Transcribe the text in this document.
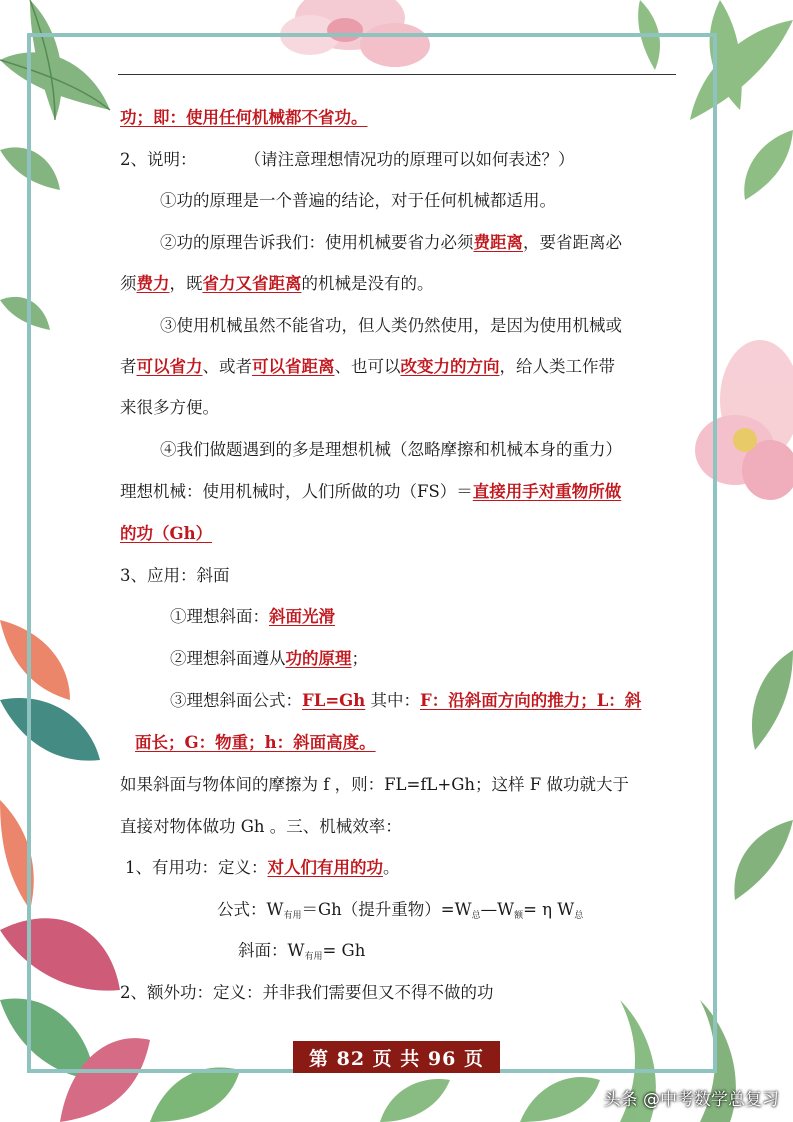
功；即：使用任何机械都不省功。
2、说明：	（请注意理想情况功的原理可以如何表述？）
①功的原理是一个普遍的结论，对于任何机械都适用。
②功的原理告诉我们：使用机械要省力必须费距离，要省距离必
须费力，既省力又省距离的机械是没有的。
③使用机械虽然不能省功，但人类仍然使用，是因为使用机械或
者可以省力、或者可以省距离、也可以改变力的方向，给人类工作带
来很多方便。
④我们做题遇到的多是理想机械（忽略摩擦和机械本身的重力）
理想机械：使用机械时，人们所做的功（FS）＝直接用手对重物所做
的功（Gh）
3、应用：斜面
①理想斜面：斜面光滑
②理想斜面遵从功的原理；
③理想斜面公式：FL=Gh 其中：F：沿斜面方向的推力；L：斜
面长；G：物重；h：斜面高度。
如果斜面与物体间的摩擦为 f ，则：FL=fL+Gh；这样 F 做功就大于
直接对物体做功 Gh 。三、机械效率：
1、有用功：定义：对人们有用的功。
公式：$W_{有用}=Gh$（提升重物）$=W_总—W_额= \eta$ $W_总$
斜面：$W_{有用}= Gh$
2、额外功：定义：并非我们需要但又不得不做的功
第 82 页 共 96 页
头条 @中考数学总复习
